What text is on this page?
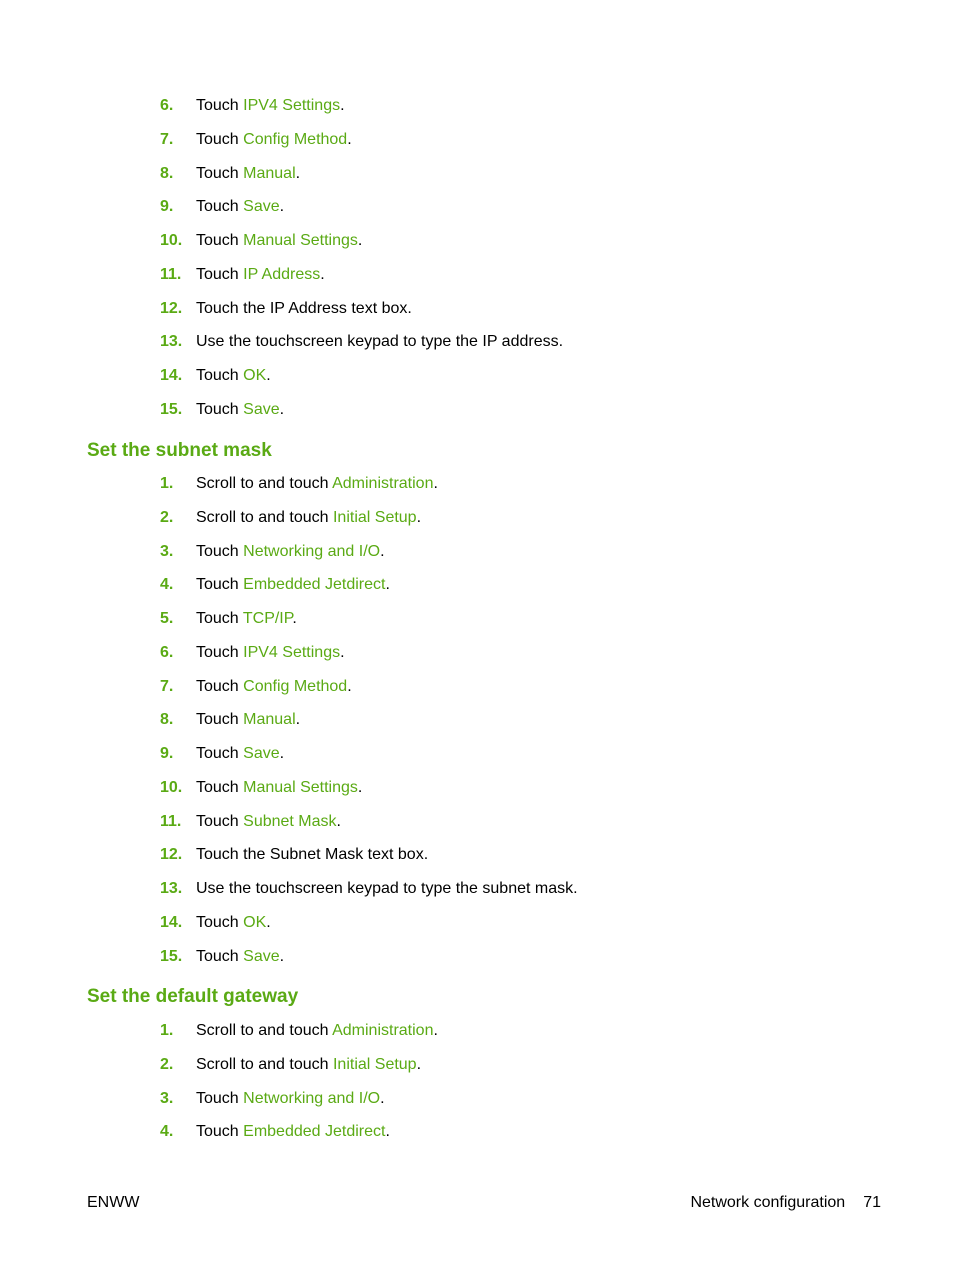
6. Touch IPV4 Settings.
7. Touch Config Method.
8. Touch Manual.
9. Touch Save.
10. Touch Manual Settings.
11. Touch IP Address.
12. Touch the IP Address text box.
13. Use the touchscreen keypad to type the IP address.
14. Touch OK.
15. Touch Save.
Set the subnet mask
1. Scroll to and touch Administration.
2. Scroll to and touch Initial Setup.
3. Touch Networking and I/O.
4. Touch Embedded Jetdirect.
5. Touch TCP/IP.
6. Touch IPV4 Settings.
7. Touch Config Method.
8. Touch Manual.
9. Touch Save.
10. Touch Manual Settings.
11. Touch Subnet Mask.
12. Touch the Subnet Mask text box.
13. Use the touchscreen keypad to type the subnet mask.
14. Touch OK.
15. Touch Save.
Set the default gateway
1. Scroll to and touch Administration.
2. Scroll to and touch Initial Setup.
3. Touch Networking and I/O.
4. Touch Embedded Jetdirect.
ENWW	Network configuration 71
